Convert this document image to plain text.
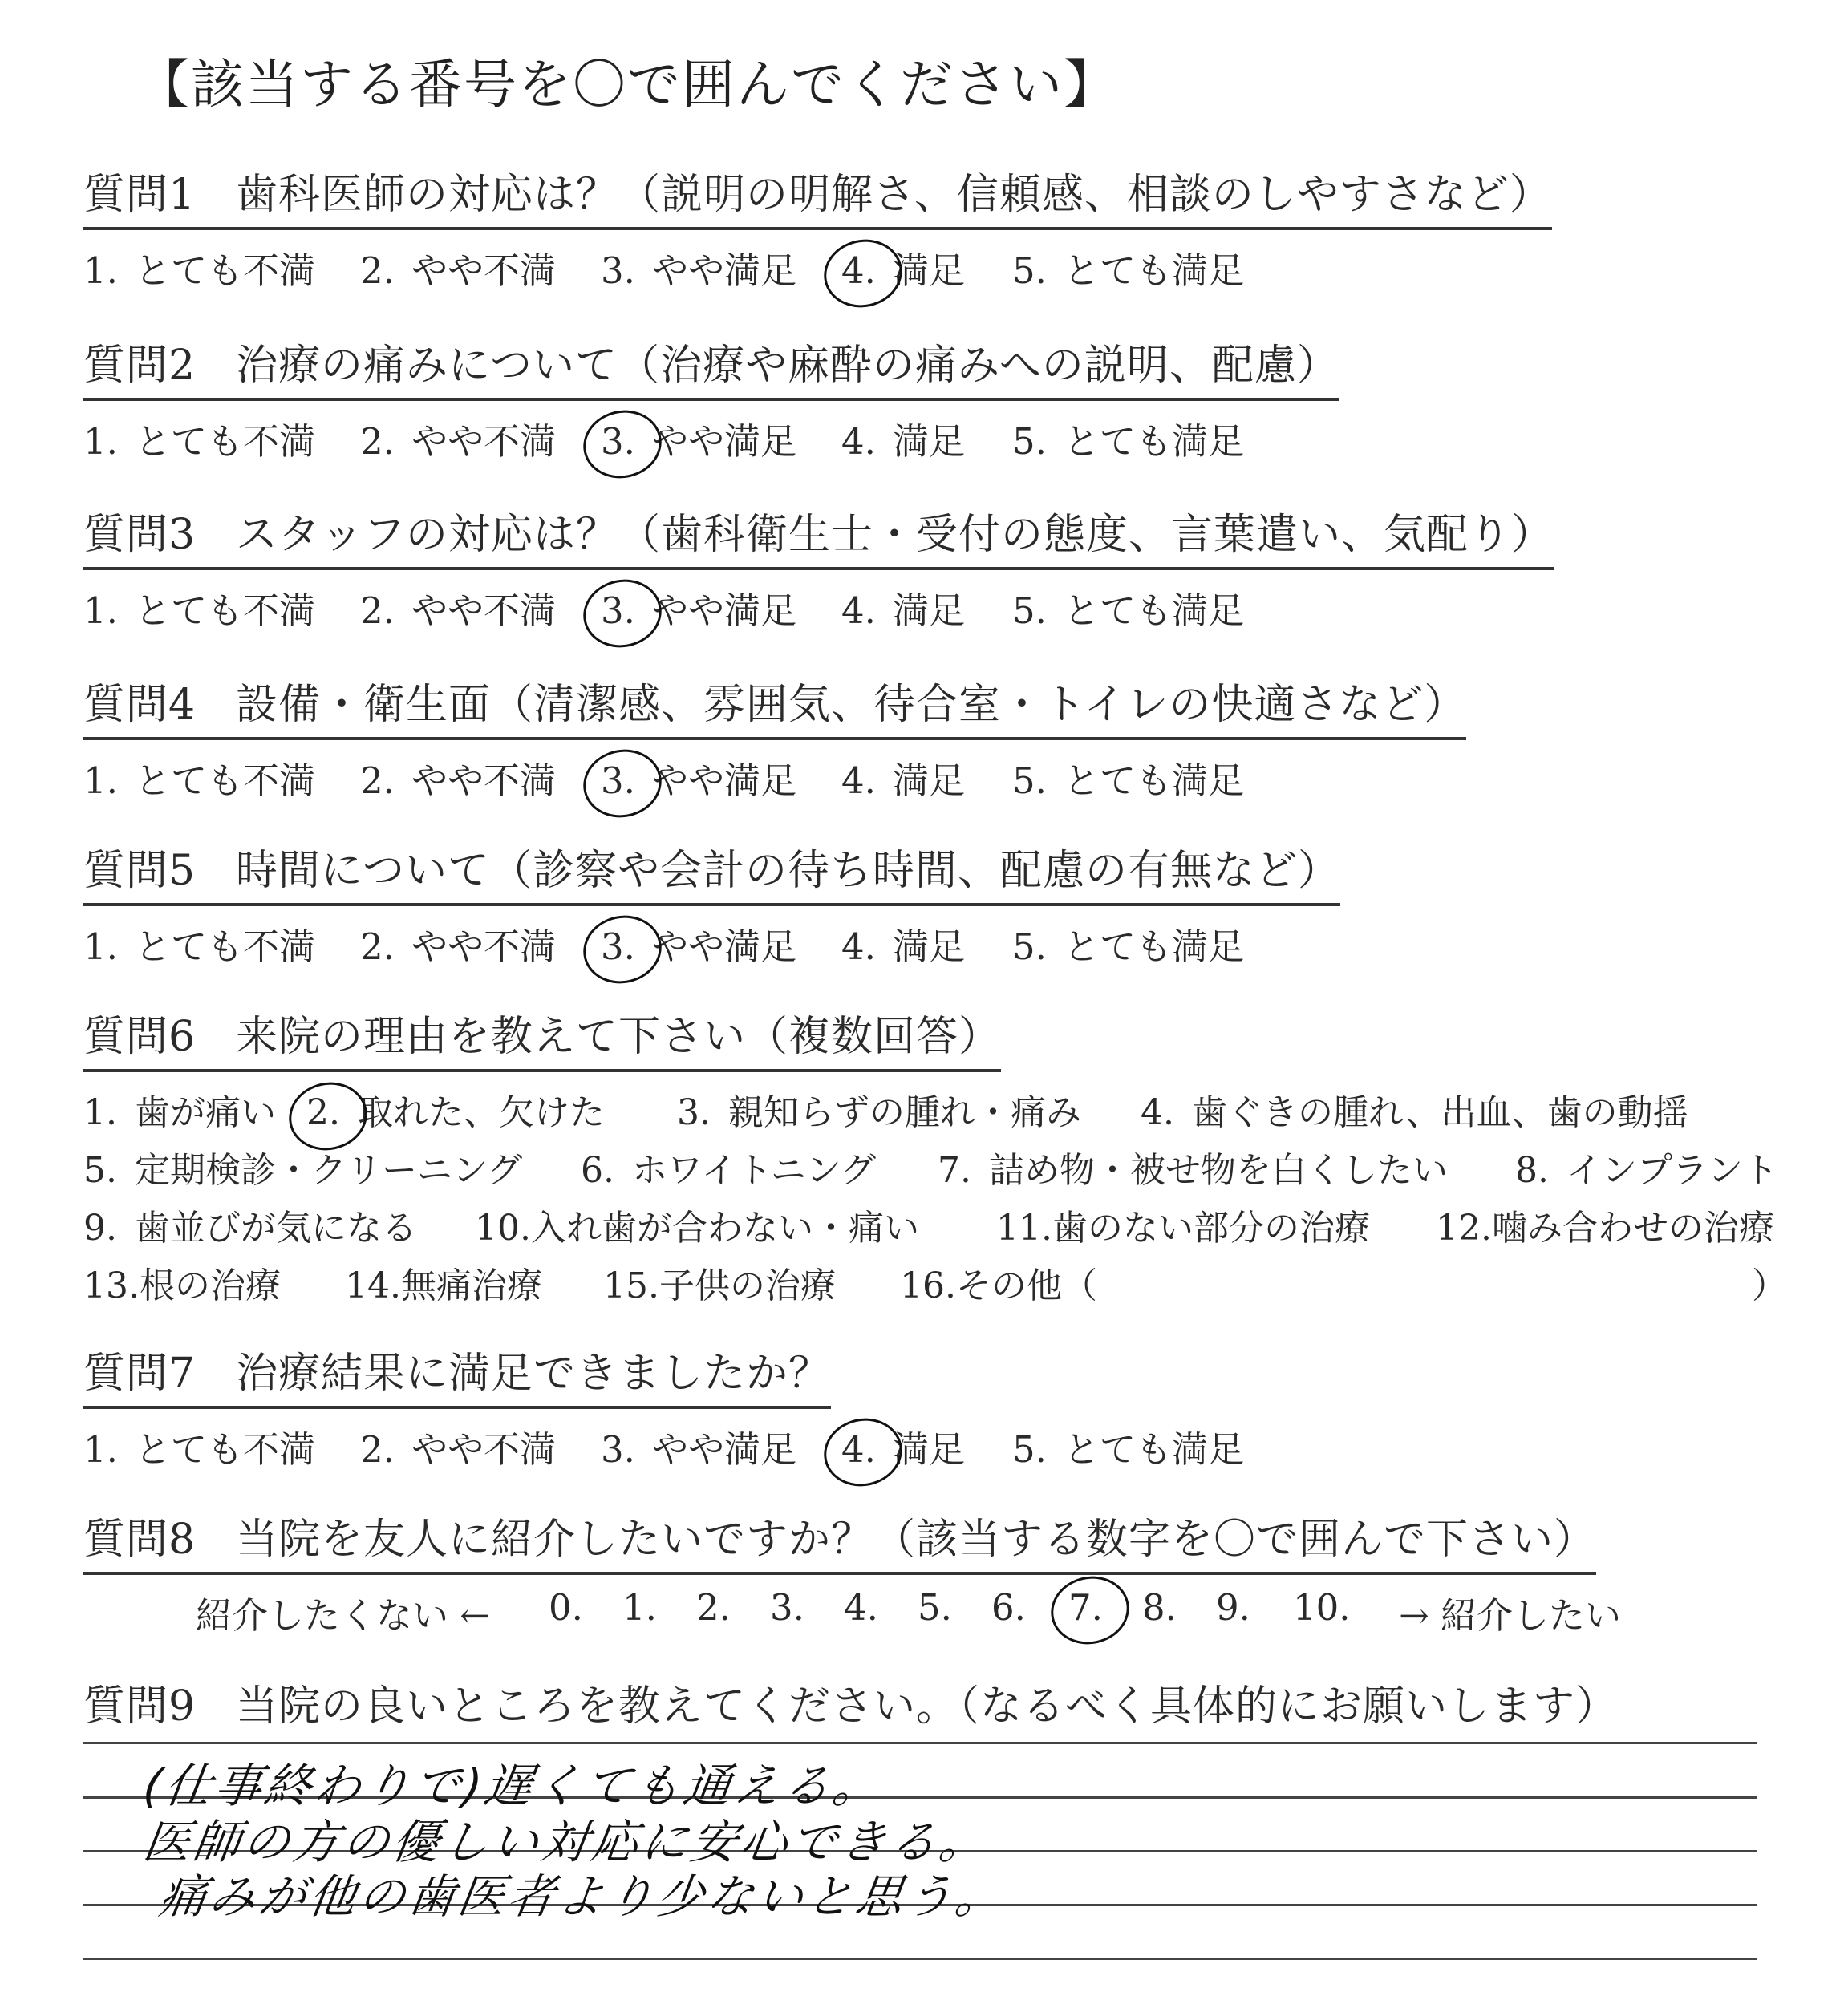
【該当する番号を〇で囲んでください】
質問1 歯科医師の対応は？（説明の明解さ、信頼感、相談のしやすさなど）
1. とても不満 2. やや不満 3. やや満足 4. 満足 5. とても満足
質問2 治療の痛みについて（治療や麻酔の痛みへの説明、配慮）
1. とても不満 2. やや不満 3. やや満足 4. 満足 5. とても満足
質問3 スタッフの対応は？（歯科衛生士・受付の態度、言葉遣い、気配り）
1. とても不満 2. やや不満 3. やや満足 4. 満足 5. とても満足
質問4 設備・衛生面（清潔感、雰囲気、待合室・トイレの快適さなど）
1. とても不満 2. やや不満 3. やや満足 4. 満足 5. とても満足
質問5 時間について（診察や会計の待ち時間、配慮の有無など）
1. とても不満 2. やや不満 3. やや満足 4. 満足 5. とても満足
質問6 来院の理由を教えて下さい（複数回答）
1. 歯が痛い 2. 取れた、欠けた 3. 親知らずの腫れ・痛み 4. 歯ぐきの腫れ、出血、歯の動揺
5. 定期検診・クリーニング 6. ホワイトニング 7. 詰め物・被せ物を白くしたい 8. インプラント
9. 歯並びが気になる 10.入れ歯が合わない・痛い 11.歯のない部分の治療 12.噛み合わせの治療
13.根の治療 14.無痛治療 15.子供の治療 16.その他（	）
質問7 治療結果に満足できましたか？
1. とても不満 2. やや不満 3. やや満足 4. 満足 5. とても満足
質問8 当院を友人に紹介したいですか？（該当する数字を〇で囲んで下さい）
紹介したくない ← 0.	1.	2.	3.	4.	5.	6.	7.	8.	9.	10. → 紹介したい
質問9 当院の良いところを教えてください。（なるべく具体的にお願いします）
(仕事終わりで)遅くても通える。
医師の方の優しい対応に安心できる。
痛みが他の歯医者より少ないと思う。
